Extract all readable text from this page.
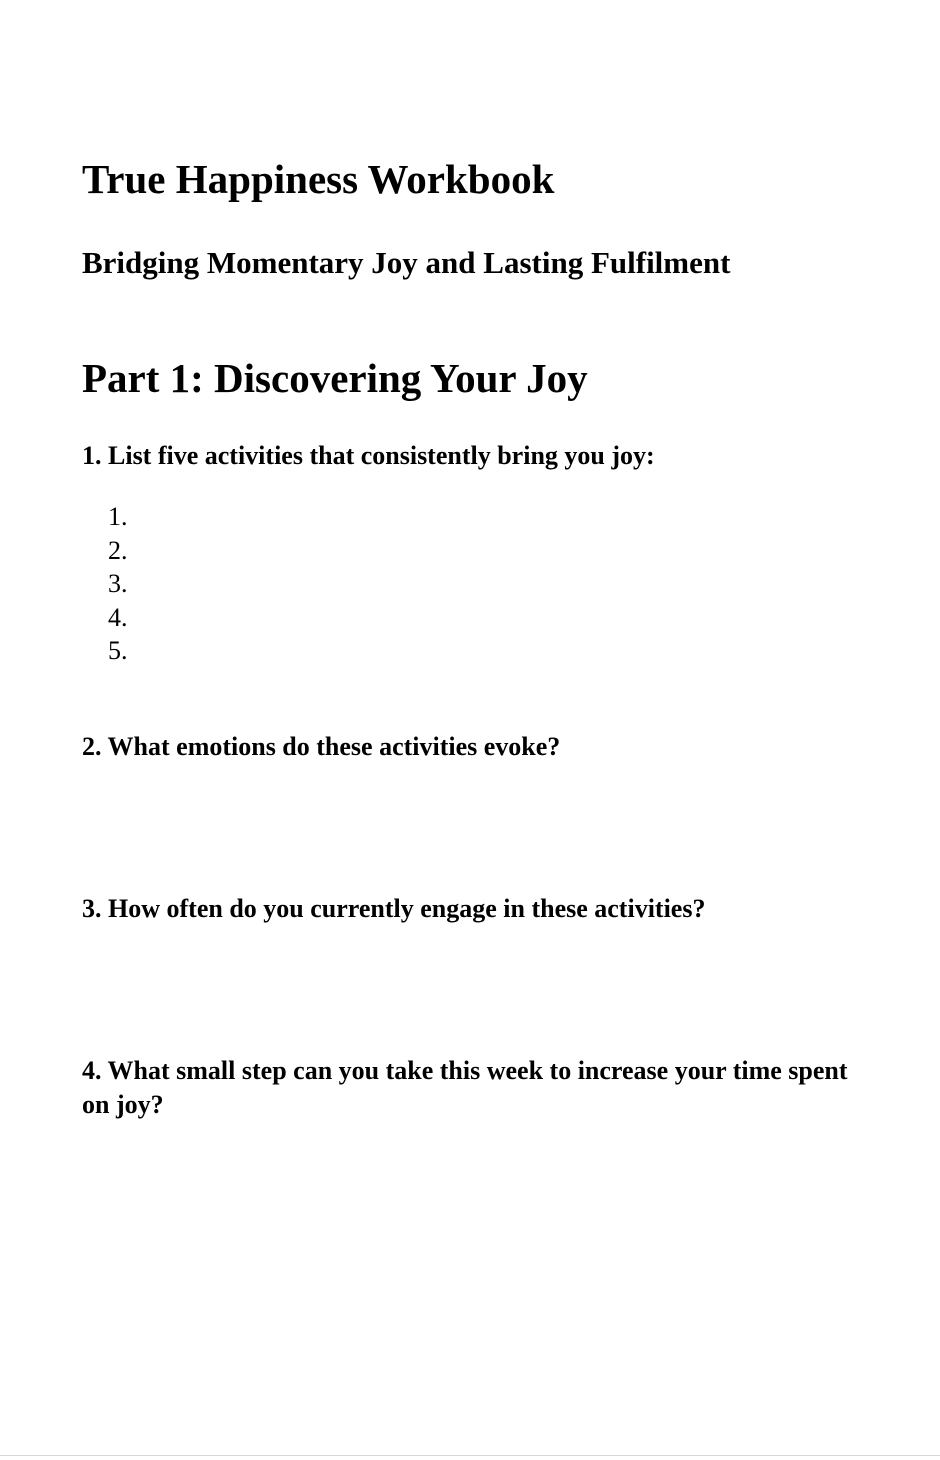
True Happiness Workbook
Bridging Momentary Joy and Lasting Fulfilment
Part 1: Discovering Your Joy
1. List five activities that consistently bring you joy:
1.
2.
3.
4.
5.
2. What emotions do these activities evoke?
3. How often do you currently engage in these activities?
4. What small step can you take this week to increase your time spent on joy?
